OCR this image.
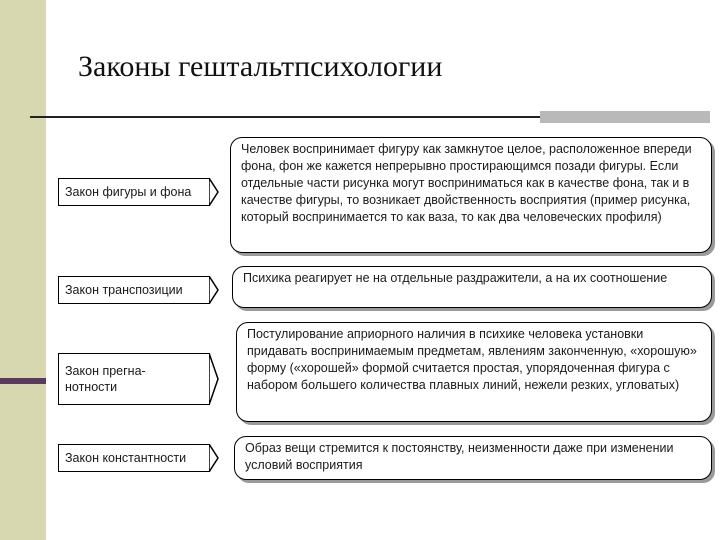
Законы гештальтпсихологии
Закон фигуры и фона
Человек воспринимает фигуру как замкнутое целое, расположенное впереди фона, фон же кажется непрерывно простирающимся позади фигуры. Если отдельные части рисунка могут восприниматься как в качестве фона, так и в качестве фигуры, то возникает двойственность восприятия (пример рисунка, который воспринимается то как ваза, то как два человеческих профиля)
Закон транспозиции
Психика реагирует не на отдельные раздражители, а на их соотношение
Закон прегна-нотности
Постулирование априорного наличия в психике человека установки придавать воспринимаемым предметам, явлениям законченную, «хорошую» форму («хорошей» формой считается простая, упорядоченная фигура с набором большего количества плавных линий, нежели резких, угловатых)
Закон константности
Образ вещи стремится к постоянству, неизменности даже при изменении условий восприятия
